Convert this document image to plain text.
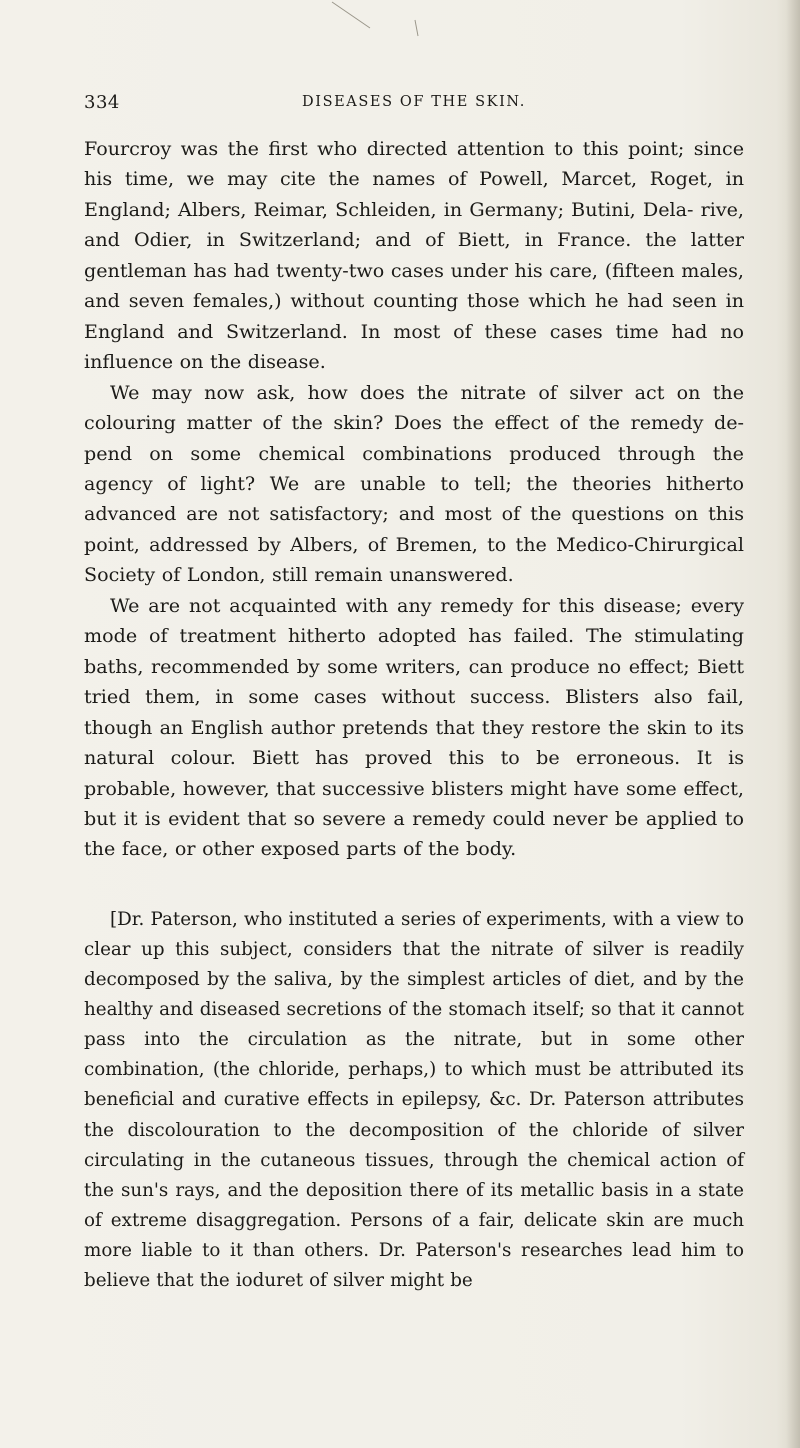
334	DISEASES OF THE SKIN.

Fourcroy was the first who directed attention to this point; since his time, we may cite the names of Powell, Marcet, Roget, in England; Albers, Reimar, Schleiden, in Germany; Butini, Dela- rive, and Odier, in Switzerland; and of Biett, in France. the latter gentleman has had twenty-two cases under his care, (fifteen males, and seven females,) without counting those which he had seen in England and Switzerland. In most of these cases time had no influence on the disease.

We may now ask, how does the nitrate of silver act on the colouring matter of the skin? Does the effect of the remedy de- pend on some chemical combinations produced through the agency of light? We are unable to tell; the theories hitherto advanced are not satisfactory; and most of the questions on this point, addressed by Albers, of Bremen, to the Medico-Chirurgical Society of London, still remain unanswered.

We are not acquainted with any remedy for this disease; every mode of treatment hitherto adopted has failed. The stimulating baths, recommended by some writers, can produce no effect; Biett tried them, in some cases without success. Blisters also fail, though an English author pretends that they restore the skin to its natural colour. Biett has proved this to be erroneous. It is probable, however, that successive blisters might have some effect, but it is evident that so severe a remedy could never be applied to the face, or other exposed parts of the body.

[Dr. Paterson, who instituted a series of experiments, with a view to clear up this subject, considers that the nitrate of silver is readily decomposed by the saliva, by the simplest articles of diet, and by the healthy and diseased secretions of the stomach itself; so that it cannot pass into the circulation as the nitrate, but in some other combination, (the chloride, perhaps,) to which must be attributed its beneficial and curative effects in epilepsy, &c. Dr. Paterson attributes the discolouration to the decomposition of the chloride of silver circulating in the cutaneous tissues, through the chemical action of the sun's rays, and the deposition there of its metallic basis in a state of extreme disaggregation. Persons of a fair, delicate skin are much more liable to it than others. Dr. Paterson's researches lead him to believe that the ioduret of silver might be
